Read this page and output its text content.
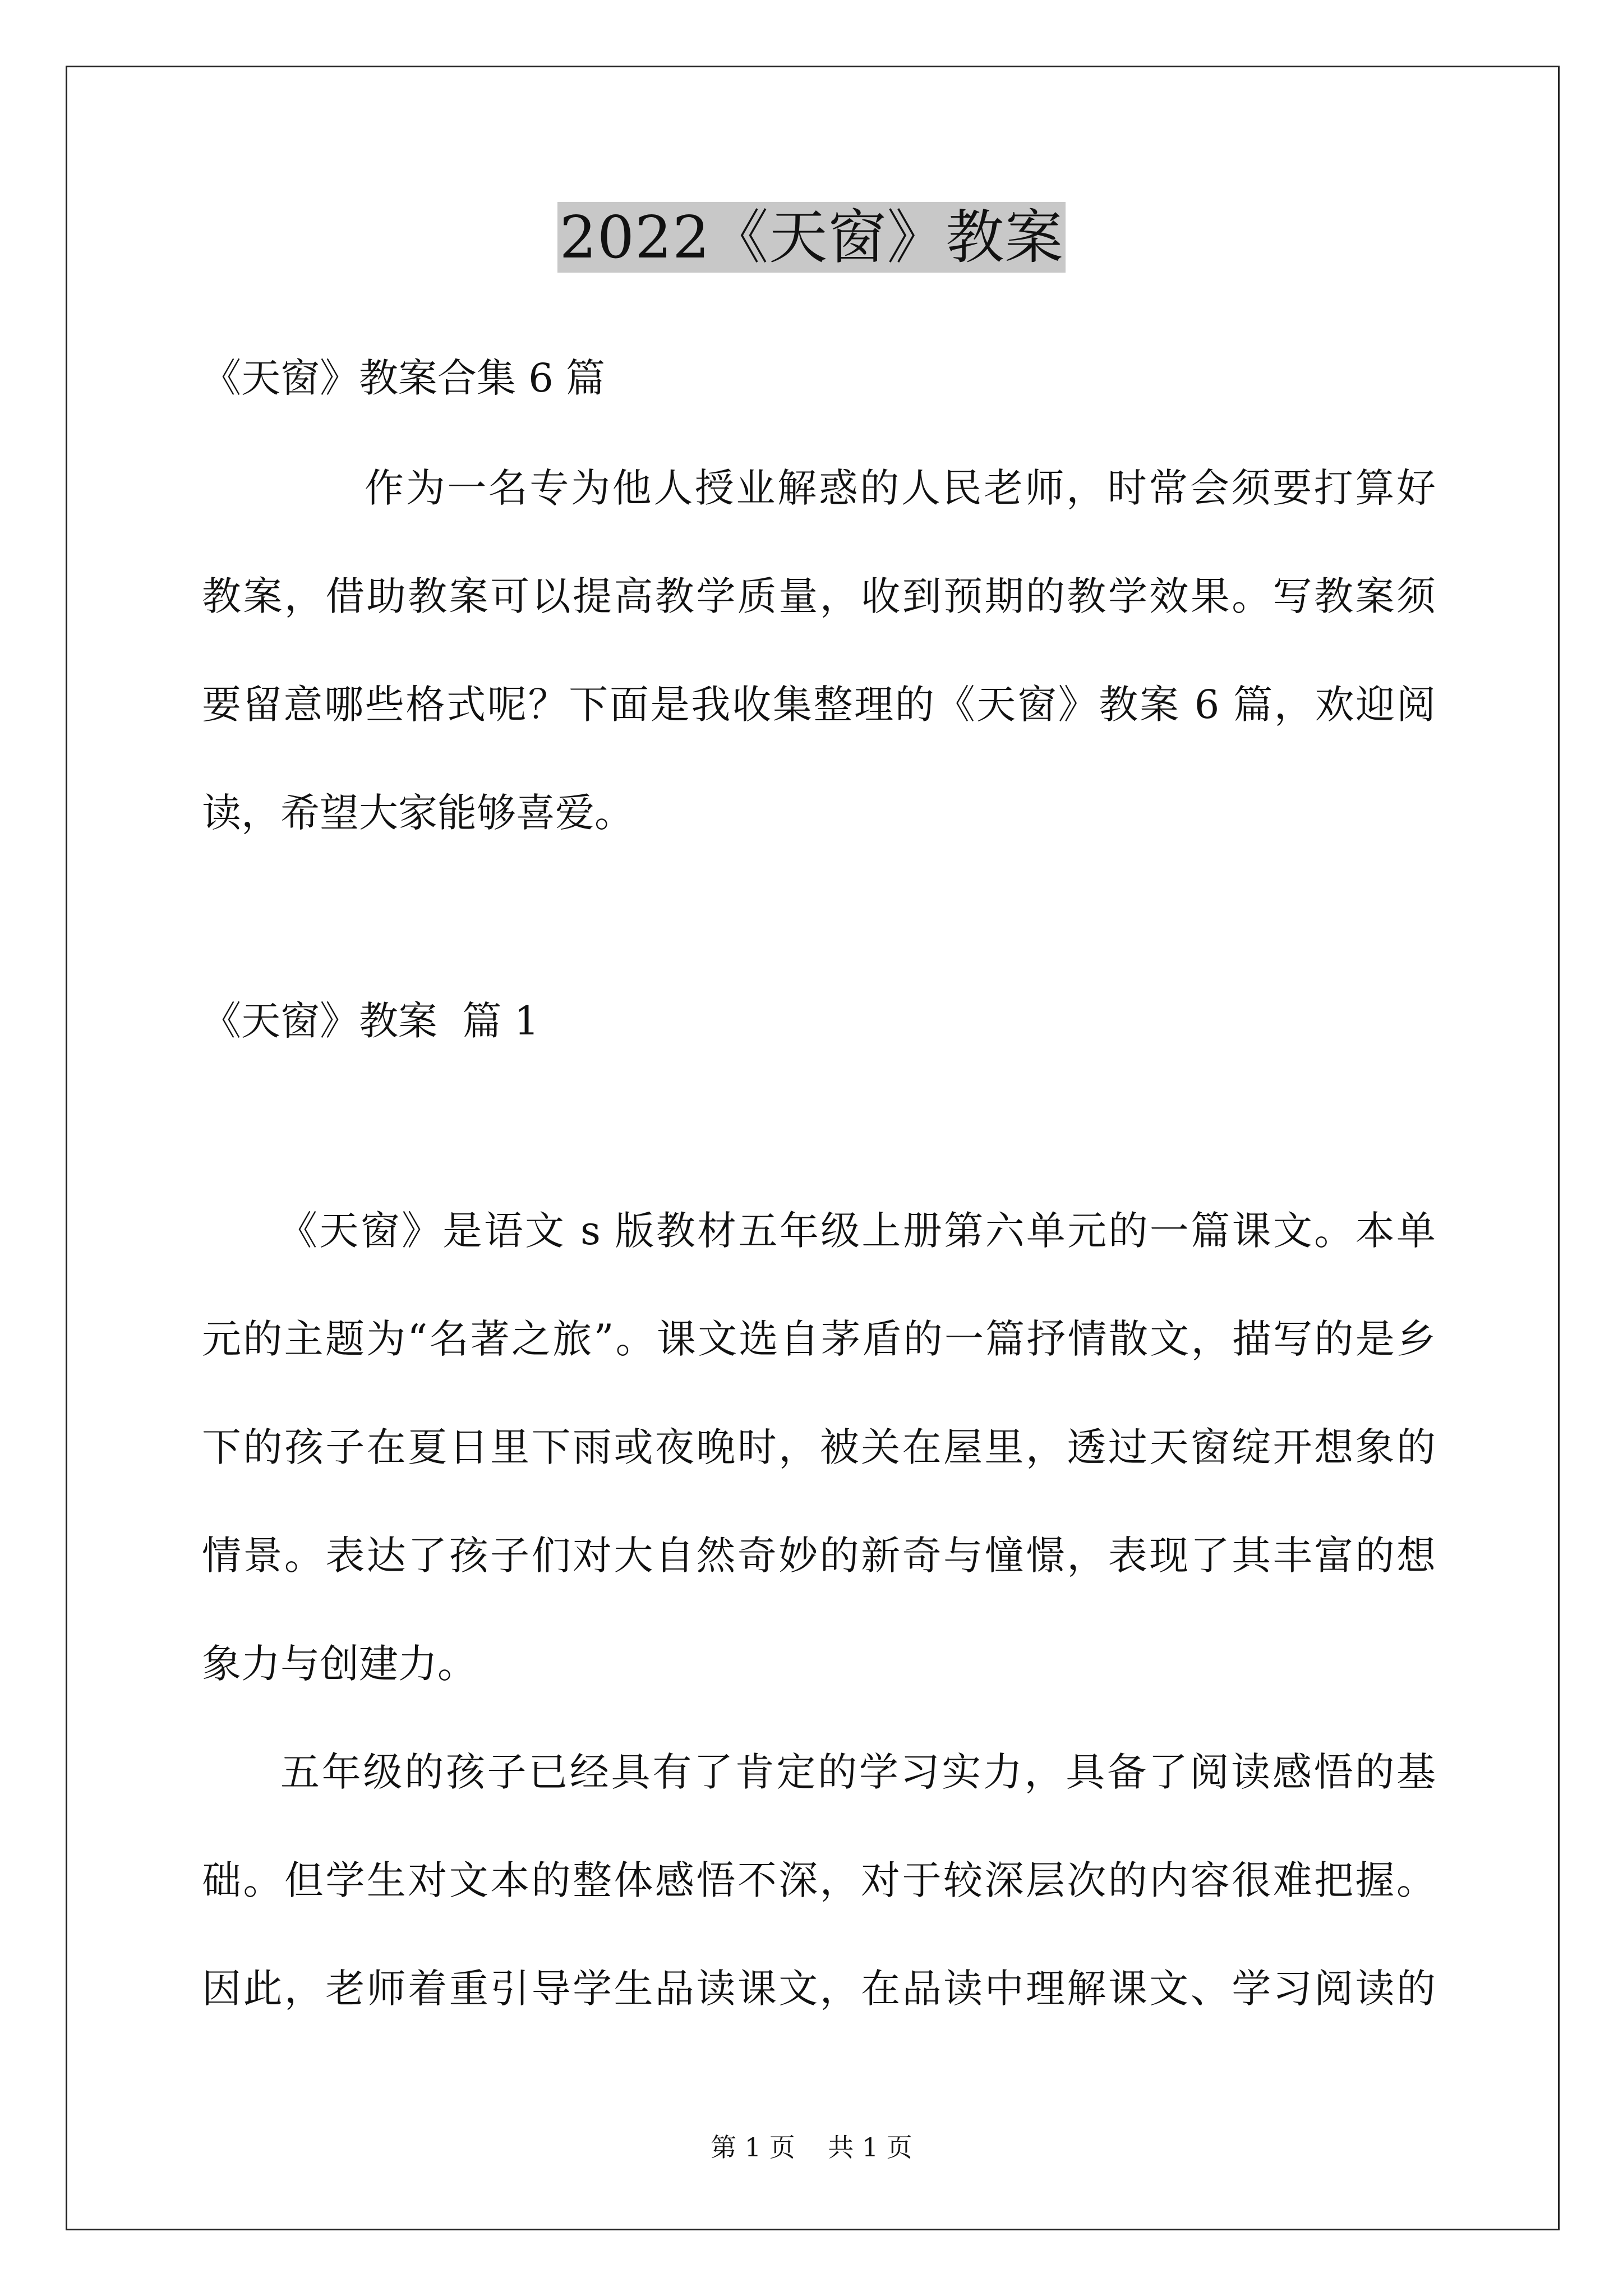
2022《天窗》教案
《天窗》教案合集 6 篇
作为一名专为他人授业解惑的人民老师，时常会须要打算好
教案，借助教案可以提高教学质量，收到预期的教学效果。写教案须
要留意哪些格式呢？下面是我收集整理的《天窗》教案 6 篇，欢迎阅
读，希望大家能够喜爱。
《天窗》教案  篇 1
《天窗》是语文 s 版教材五年级上册第六单元的一篇课文。本单
元的主题为“名著之旅”。课文选自茅盾的一篇抒情散文，描写的是乡
下的孩子在夏日里下雨或夜晚时，被关在屋里，透过天窗绽开想象的
情景。表达了孩子们对大自然奇妙的新奇与憧憬，表现了其丰富的想
象力与创建力。
五年级的孩子已经具有了肯定的学习实力，具备了阅读感悟的基
础。但学生对文本的整体感悟不深，对于较深层次的内容很难把握。
因此，老师着重引导学生品读课文，在品读中理解课文、学习阅读的
第 1 页    共 1 页
